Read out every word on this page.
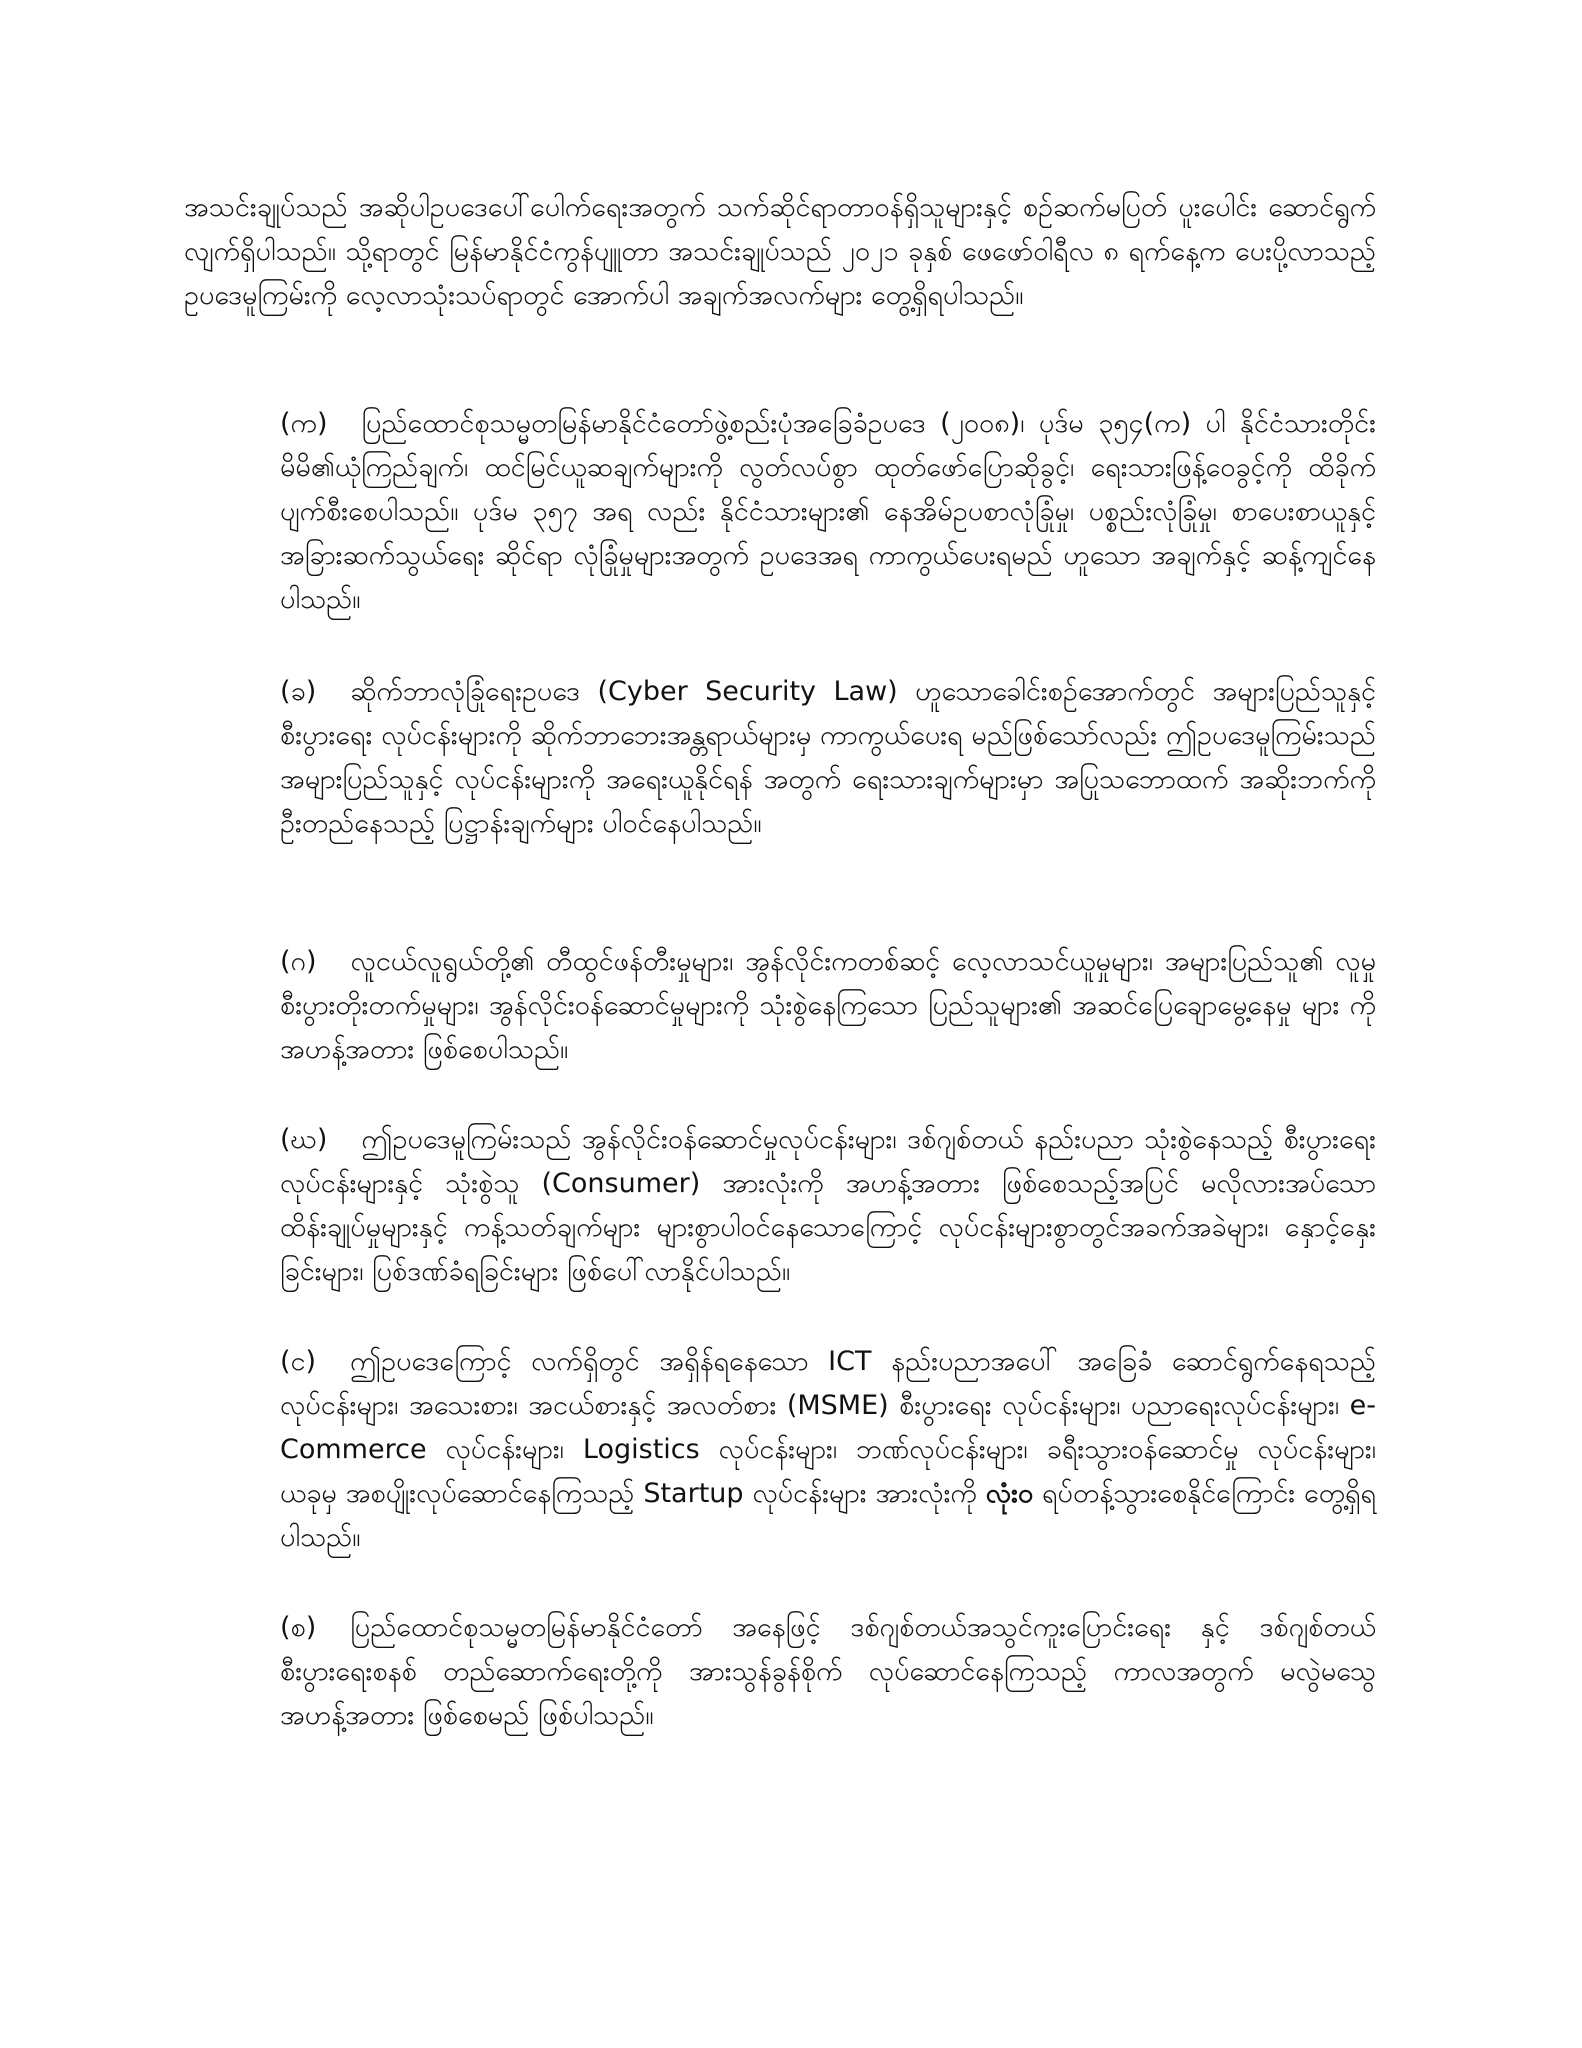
အသင်းချုပ်သည် အဆိုပါဥပဒေပေါ်ပေါက်ရေးအတွက် သက်ဆိုင်ရာတာဝန်ရှိသူများနှင့် စဉ်ဆက်မပြတ် ပူးပေါင်း ဆောင်ရွက်လျက်ရှိပါသည်။ သို့ရာတွင် မြန်မာနိုင်ငံကွန်ပျူတာ အသင်းချုပ်သည် ၂၀၂၁ ခုနှစ် ဖေဖော်ဝါရီလ ၈ ရက်နေ့က ပေးပို့လာသည့် ဥပဒေမူကြမ်းကို လေ့လာသုံးသပ်ရာတွင် အောက်ပါ အချက်အလက်များ တွေ့ရှိရပါသည်။

(က) ပြည်ထောင်စုသမ္မတမြန်မာနိုင်ငံတော်ဖွဲ့စည်းပုံအခြေခံဥပဒေ (၂၀၀၈)၊ ပုဒ်မ ၃၅၄(က) ပါ နိုင်ငံသားတိုင်း မိမိ၏ယုံကြည်ချက်၊ ထင်မြင်ယူဆချက်များကို လွတ်လပ်စွာ ထုတ်ဖော်ပြောဆိုခွင့်၊ ရေးသားဖြန့်ဝေခွင့်ကို ထိခိုက်ပျက်စီးစေပါသည်။ ပုဒ်မ ၃၅၇ အရ လည်း နိုင်ငံသားများ၏ နေအိမ်ဥပစာလုံခြုံမှု၊ ပစ္စည်းလုံခြုံမှု၊ စာပေးစာယူနှင့် အခြားဆက်သွယ်ရေး ဆိုင်ရာ လုံခြုံမှုများအတွက် ဥပဒေအရ ကာကွယ်ပေးရမည် ဟူသော အချက်နှင့် ဆန့်ကျင်နေပါသည်။

(ခ) ဆိုက်ဘာလုံခြုံရေးဥပဒေ (Cyber Security Law) ဟူသောခေါင်းစဉ်အောက်တွင် အများပြည်သူနှင့် စီးပွားရေး လုပ်ငန်းများကို ဆိုက်ဘာဘေးအန္တရာယ်များမှ ကာကွယ်ပေးရ မည်ဖြစ်သော်လည်း ဤဥပဒေမူကြမ်းသည် အများပြည်သူနှင့် လုပ်ငန်းများကို အရေးယူနိုင်ရန် အတွက် ရေးသားချက်များမှာ အပြုသဘောထက် အဆိုးဘက်ကို ဦးတည်နေသည့် ပြဋ္ဌာန်းချက်များ ပါဝင်နေပါသည်။

(ဂ) လူငယ်လူရွယ်တို့၏ တီထွင်ဖန်တီးမှုများ၊ အွန်လိုင်းကတစ်ဆင့် လေ့လာသင်ယူမှုများ၊ အများပြည်သူ၏ လူမှုစီးပွားတိုးတက်မှုများ၊ အွန်လိုင်းဝန်ဆောင်မှုများကို သုံးစွဲနေကြသော ပြည်သူများ၏ အဆင်ပြေချောမွေ့နေမှု များ ကို အဟန့်အတား ဖြစ်စေပါသည်။

(ဃ) ဤဥပဒေမူကြမ်းသည် အွန်လိုင်းဝန်ဆောင်မှုလုပ်ငန်းများ၊ ဒစ်ဂျစ်တယ် နည်းပညာ သုံးစွဲနေသည့် စီးပွားရေးလုပ်ငန်းများနှင့် သုံးစွဲသူ (Consumer) အားလုံးကို အဟန့်အတား ဖြစ်စေသည့်အပြင် မလိုလားအပ်သော ထိန်းချုပ်မှုများနှင့် ကန့်သတ်ချက်များ များစွာပါဝင်နေသောကြောင့် လုပ်ငန်းများစွာတွင်အခက်အခဲများ၊ နှောင့်နှေးခြင်းများ၊ ပြစ်ဒဏ်ခံရခြင်းများ ဖြစ်ပေါ်လာနိုင်ပါသည်။

(င) ဤဥပဒေကြောင့် လက်ရှိတွင် အရှိန်ရနေသော ICT နည်းပညာအပေါ် အခြေခံ ဆောင်ရွက်နေရသည့်လုပ်ငန်းများ၊ အသေးစား၊ အငယ်စားနှင့် အလတ်စား (MSME) စီးပွားရေး လုပ်ငန်းများ၊ ပညာရေးလုပ်ငန်းများ၊ e-Commerce လုပ်ငန်းများ၊ Logistics လုပ်ငန်းများ၊ ဘဏ်လုပ်ငန်းများ၊ ခရီးသွားဝန်ဆောင်မှု လုပ်ငန်းများ၊ ယခုမှ အစပျိုးလုပ်ဆောင်နေကြသည့် Startup လုပ်ငန်းများ အားလုံးကို လုံး၀ ရပ်တန့်သွားစေနိုင်ကြောင်း တွေ့ရှိရပါသည်။

(စ) ပြည်ထောင်စုသမ္မတမြန်မာနိုင်ငံတော် အနေဖြင့် ဒစ်ဂျစ်တယ်အသွင်ကူးပြောင်းရေး နှင့် ဒစ်ဂျစ်တယ်စီးပွားရေးစနစ် တည်ဆောက်ရေးတို့ကို အားသွန်ခွန်စိုက် လုပ်ဆောင်နေကြသည့် ကာလအတွက် မလွဲမသွေ အဟန့်အတား ဖြစ်စေမည် ဖြစ်ပါသည်။
